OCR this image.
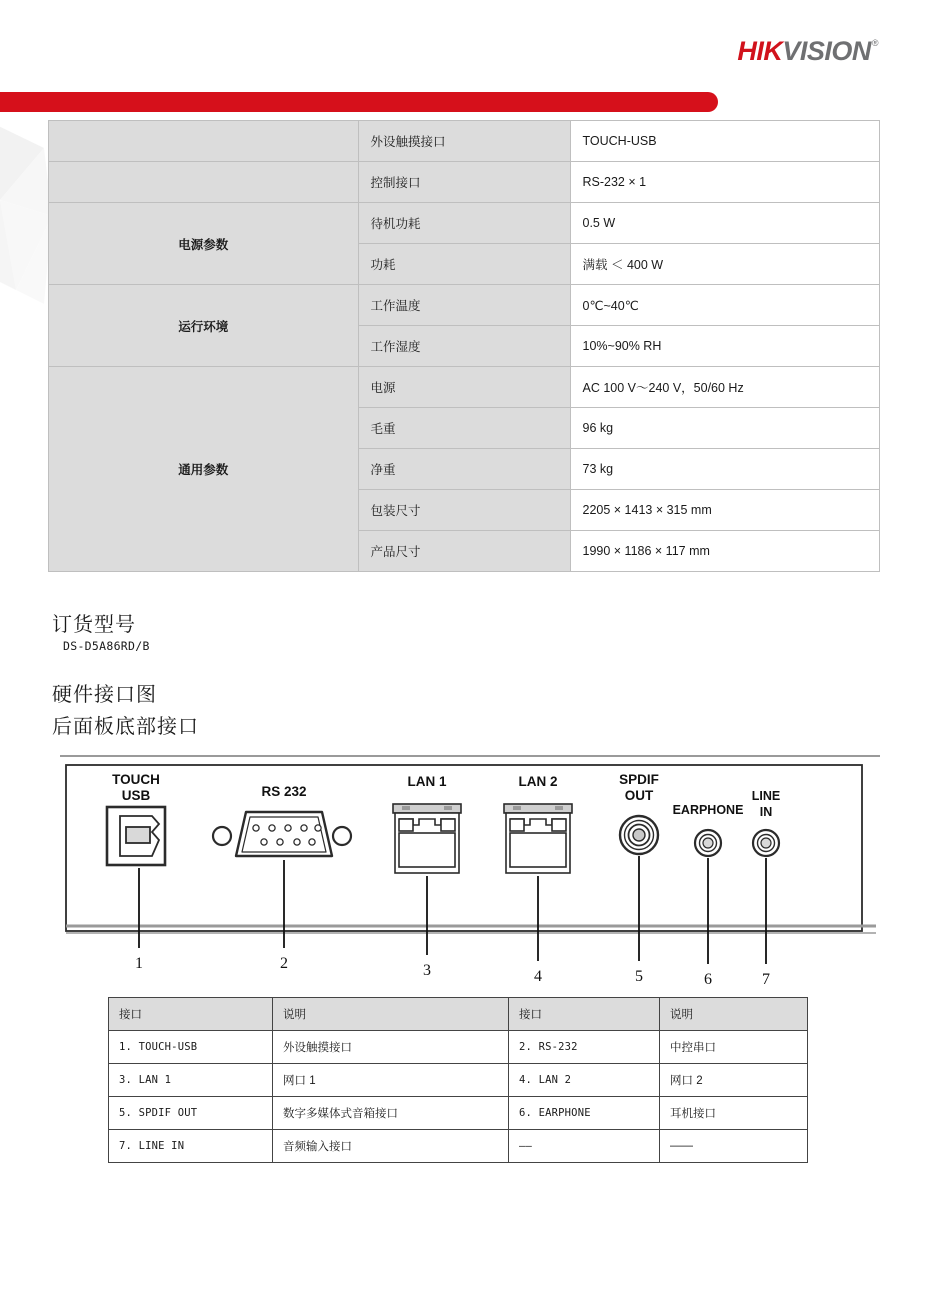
HIK VISION ®
	外设触摸接口	TOUCH-USB
	控制接口	RS-232 × 1
电源参数	待机功耗	0.5 W
	功耗	满载 ＜ 400 W
运行环境	工作温度	0℃~40℃
	工作湿度	10%~90% RH
通用参数	电源	AC 100 V～240 V，50/60 Hz
	毛重	96 kg
	净重	73 kg
	包装尺寸	2205 × 1413 × 315 mm
	产品尺寸	1990 × 1186 × 117 mm
订货型号
DS-D5A86RD/B
硬件接口图
后面板底部接口
TOUCH
USB	RS 232
LAN 1	LAN 2	SPDIF
OUT
EARPHONE
LINE
IN
1	2	3	4	5	6	7
接口	说明	接口	说明
1. TOUCH-USB	外设触摸接口	2. RS-232	中控串口
3. LAN 1	网口 1	4. LAN 2	网口 2
5. SPDIF OUT	数字多媒体式音箱接口	6. EARPHONE	耳机接口
7. LINE IN	音频输入接口	——	——
